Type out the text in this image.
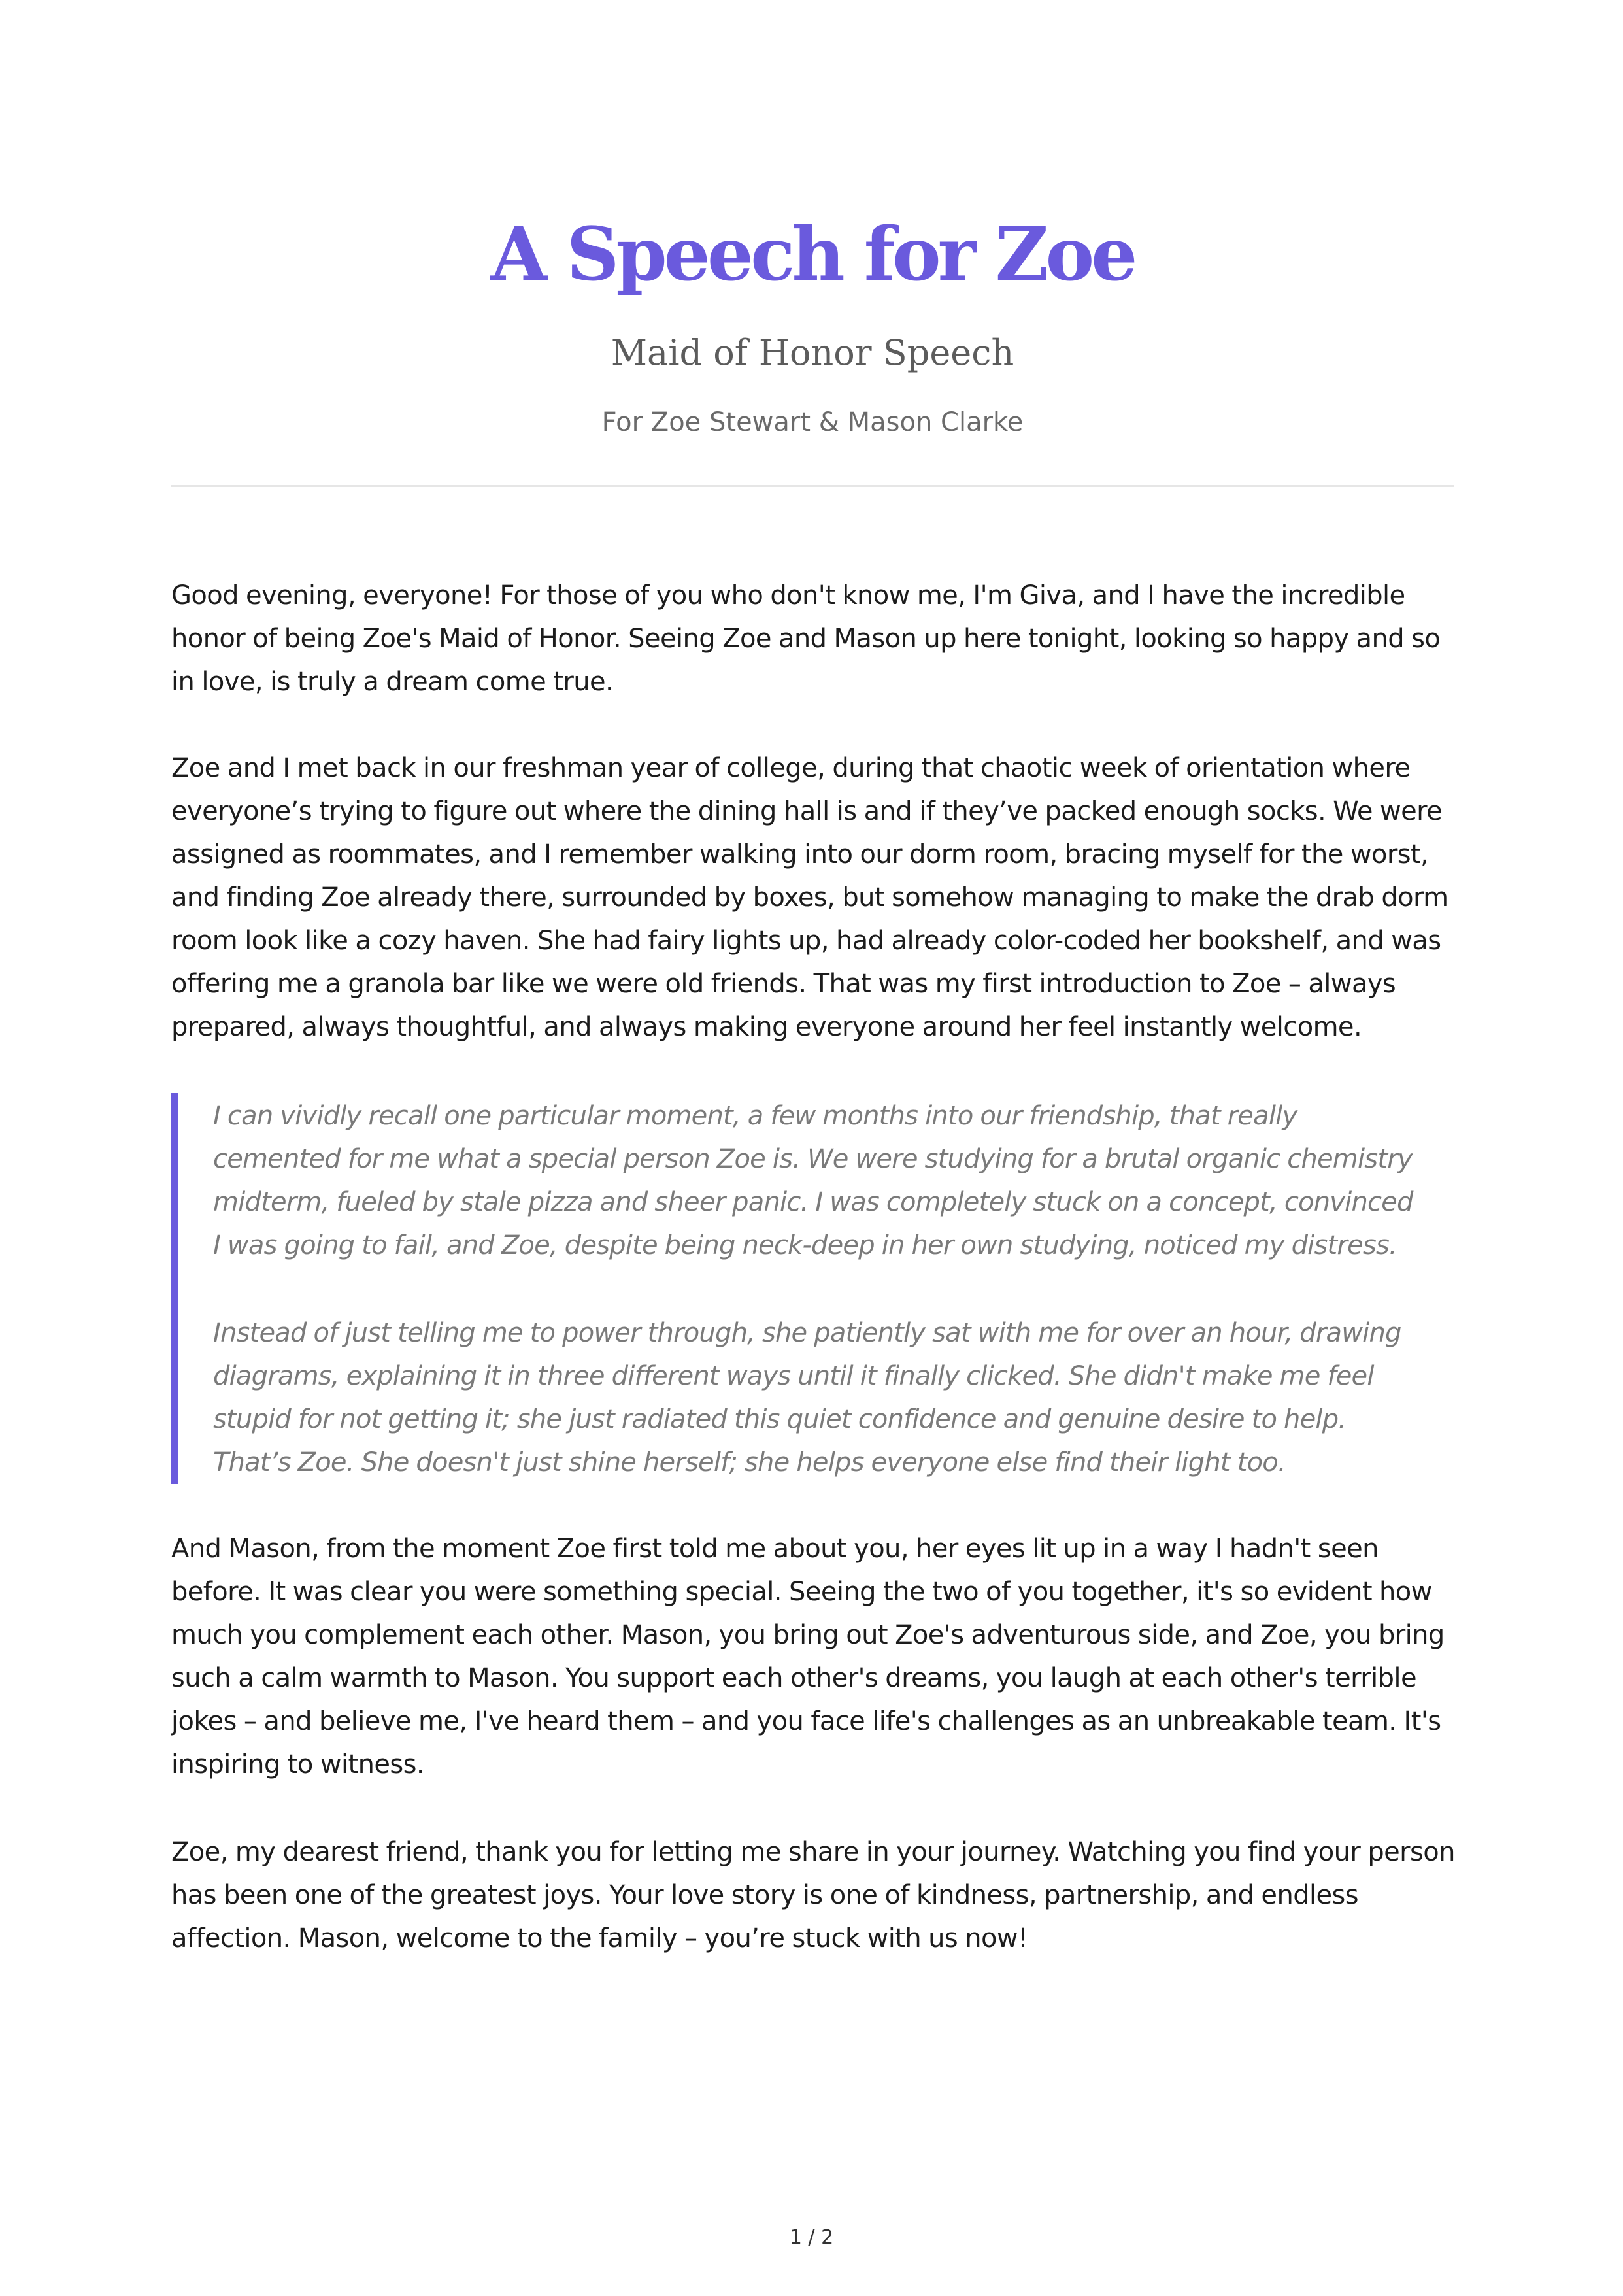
A Speech for Zoe
Maid of Honor Speech
For Zoe Stewart & Mason Clarke

Good evening, everyone! For those of you who don't know me, I'm Giva, and I have the incredible
honor of being Zoe's Maid of Honor. Seeing Zoe and Mason up here tonight, looking so happy and so
in love, is truly a dream come true.

Zoe and I met back in our freshman year of college, during that chaotic week of orientation where
everyone’s trying to figure out where the dining hall is and if they’ve packed enough socks. We were
assigned as roommates, and I remember walking into our dorm room, bracing myself for the worst,
and finding Zoe already there, surrounded by boxes, but somehow managing to make the drab dorm
room look like a cozy haven. She had fairy lights up, had already color-coded her bookshelf, and was
offering me a granola bar like we were old friends. That was my first introduction to Zoe – always
prepared, always thoughtful, and always making everyone around her feel instantly welcome.

I can vividly recall one particular moment, a few months into our friendship, that really
cemented for me what a special person Zoe is. We were studying for a brutal organic chemistry
midterm, fueled by stale pizza and sheer panic. I was completely stuck on a concept, convinced
I was going to fail, and Zoe, despite being neck-deep in her own studying, noticed my distress.

Instead of just telling me to power through, she patiently sat with me for over an hour, drawing
diagrams, explaining it in three different ways until it finally clicked. She didn't make me feel
stupid for not getting it; she just radiated this quiet confidence and genuine desire to help.
That’s Zoe. She doesn't just shine herself; she helps everyone else find their light too.

And Mason, from the moment Zoe first told me about you, her eyes lit up in a way I hadn't seen
before. It was clear you were something special. Seeing the two of you together, it's so evident how
much you complement each other. Mason, you bring out Zoe's adventurous side, and Zoe, you bring
such a calm warmth to Mason. You support each other's dreams, you laugh at each other's terrible
jokes – and believe me, I've heard them – and you face life's challenges as an unbreakable team. It's
inspiring to witness.

Zoe, my dearest friend, thank you for letting me share in your journey. Watching you find your person
has been one of the greatest joys. Your love story is one of kindness, partnership, and endless
affection. Mason, welcome to the family – you’re stuck with us now!

1 / 2
